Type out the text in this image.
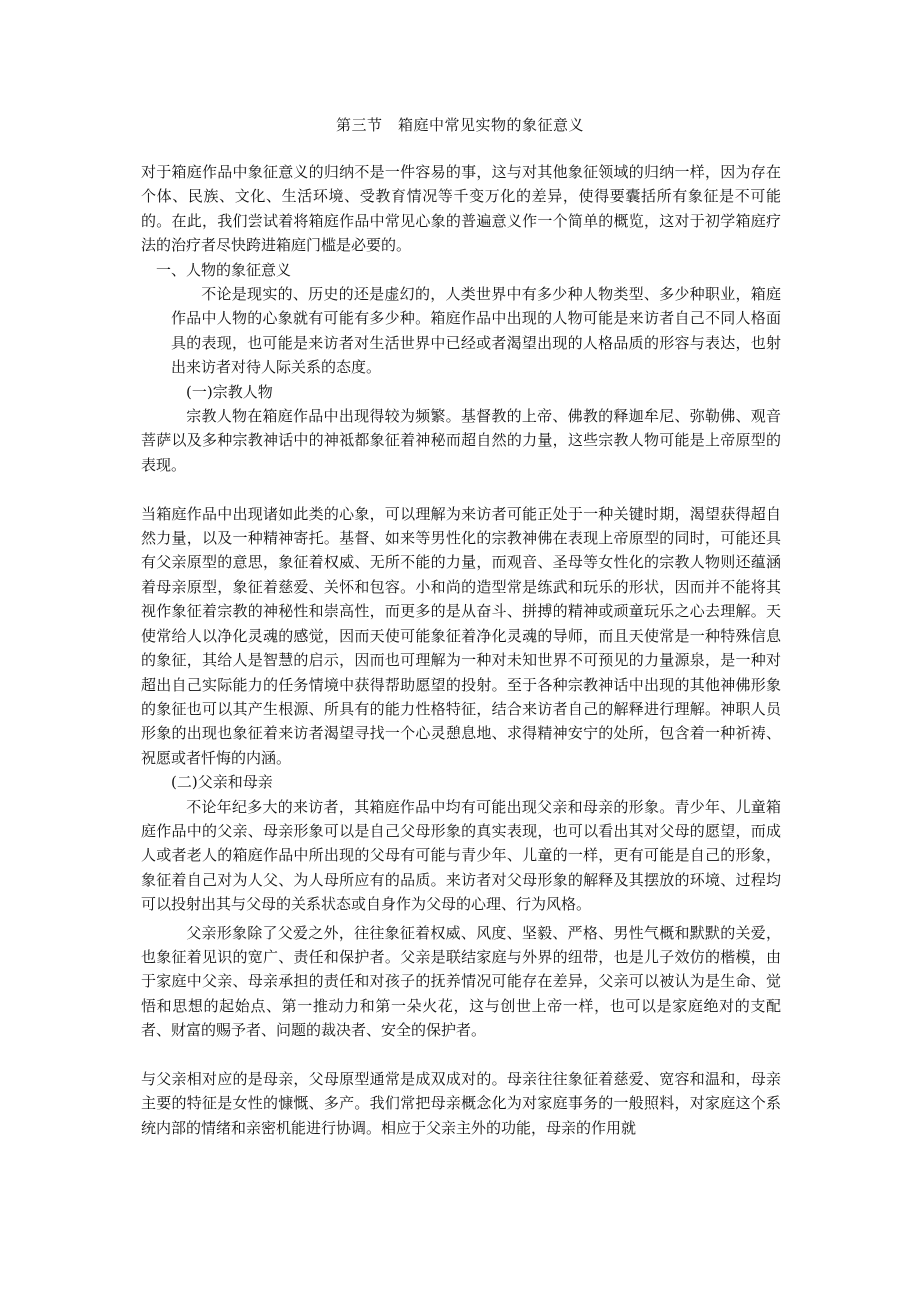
第三节　箱庭中常见实物的象征意义

对于箱庭作品中象征意义的归纳不是一件容易的事，这与对其他象征领域的归纳一样，因为存在个体、民族、文化、生活环境、受教育情况等千变万化的差异，使得要囊括所有象征是不可能的。在此，我们尝试着将箱庭作品中常见心象的普遍意义作一个简单的概览，这对于初学箱庭疗法的治疗者尽快跨进箱庭门槛是必要的。

一、人物的象征意义

不论是现实的、历史的还是虚幻的，人类世界中有多少种人物类型、多少种职业，箱庭作品中人物的心象就有可能有多少种。箱庭作品中出现的人物可能是来访者自己不同人格面具的表现，也可能是来访者对生活世界中已经或者渴望出现的人格品质的形容与表达，也射出来访者对待人际关系的态度。

(一)宗教人物

宗教人物在箱庭作品中出现得较为频繁。基督教的上帝、佛教的释迦牟尼、弥勒佛、观音菩萨以及多种宗教神话中的神祗都象征着神秘而超自然的力量，这些宗教人物可能是上帝原型的表现。

当箱庭作品中出现诸如此类的心象，可以理解为来访者可能正处于一种关键时期，渴望获得超自然力量，以及一种精神寄托。基督、如来等男性化的宗教神佛在表现上帝原型的同时，可能还具有父亲原型的意思，象征着权威、无所不能的力量，而观音、圣母等女性化的宗教人物则还蕴涵着母亲原型，象征着慈爱、关怀和包容。小和尚的造型常是练武和玩乐的形状，因而并不能将其视作象征着宗教的神秘性和崇高性，而更多的是从奋斗、拼搏的精神或顽童玩乐之心去理解。天使常给人以净化灵魂的感觉，因而天使可能象征着净化灵魂的导师，而且天使常是一种特殊信息的象征，其给人是智慧的启示，因而也可理解为一种对未知世界不可预见的力量源泉，是一种对超出自己实际能力的任务情境中获得帮助愿望的投射。至于各种宗教神话中出现的其他神佛形象的象征也可以其产生根源、所具有的能力性格特征，结合来访者自己的解释进行理解。神职人员形象的出现也象征着来访者渴望寻找一个心灵憩息地、求得精神安宁的处所，包含着一种祈祷、祝愿或者忏悔的内涵。

(二)父亲和母亲

不论年纪多大的来访者，其箱庭作品中均有可能出现父亲和母亲的形象。青少年、儿童箱庭作品中的父亲、母亲形象可以是自己父母形象的真实表现，也可以看出其对父母的愿望，而成人或者老人的箱庭作品中所出现的父母有可能与青少年、儿童的一样，更有可能是自己的形象，象征着自己对为人父、为人母所应有的品质。来访者对父母形象的解释及其摆放的环境、过程均可以投射出其与父母的关系状态或自身作为父母的心理、行为风格。

父亲形象除了父爱之外，往往象征着权威、风度、坚毅、严格、男性气概和默默的关爱，也象征着见识的宽广、责任和保护者。父亲是联结家庭与外界的纽带，也是儿子效仿的楷模，由于家庭中父亲、母亲承担的责任和对孩子的抚养情况可能存在差异，父亲可以被认为是生命、觉悟和思想的起始点、第一推动力和第一朵火花，这与创世上帝一样，也可以是家庭绝对的支配者、财富的赐予者、问题的裁决者、安全的保护者。

与父亲相对应的是母亲，父母原型通常是成双成对的。母亲往往象征着慈爱、宽容和温和，母亲主要的特征是女性的慷慨、多产。我们常把母亲概念化为对家庭事务的一般照料，对家庭这个系统内部的情绪和亲密机能进行协调。相应于父亲主外的功能，母亲的作用就
